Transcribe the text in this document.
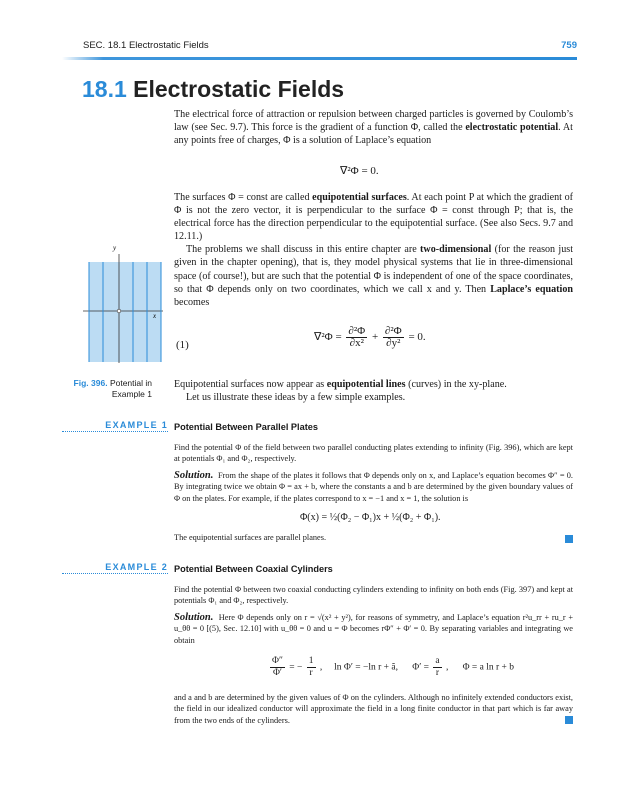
SEC. 18.1 Electrostatic Fields	759
18.1 Electrostatic Fields

The electrical force of attraction or repulsion between charged particles is governed by Coulomb’s law (see Sec. 9.7). This force is the gradient of a function Φ, called the electrostatic potential. At any points free of charges, Φ is a solution of Laplace’s equation

∇²Φ = 0.

The surfaces Φ = const are called equipotential surfaces. At each point P at which the gradient of Φ is not the zero vector, it is perpendicular to the surface Φ = const through P; that is, the electrical force has the direction perpendicular to the equipotential surface. (See also Secs. 9.7 and 12.11.)

The problems we shall discuss in this entire chapter are two-dimensional (for the reason just given in the chapter opening), that is, they model physical systems that lie in three-dimensional space (of course!), but are such that the potential Φ is independent of one of the space coordinates, so that Φ depends only on two coordinates, which we call x and y. Then Laplace’s equation becomes

(1)
$\nabla^2\Phi = \frac{\text{∂²Φ}}{\text{∂x²}} + \frac{\text{∂²Φ}}{\text{∂y²}} = 0$.
y
x
Fig. 396. Potential in Example 1

Equipotential surfaces now appear as equipotential lines (curves) in the xy-plane.

Let us illustrate these ideas by a few simple examples.

EXAMPLE 1 Potential Between Parallel Plates

Find the potential Φ of the field between two parallel conducting plates extending to infinity (Fig. 396), which are kept at potentials Φ₁ and Φ₂, respectively.

Solution. From the shape of the plates it follows that Φ depends only on x, and Laplace’s equation becomes Φ″ = 0. By integrating twice we obtain Φ = ax + b, where the constants a and b are determined by the given boundary values of Φ on the plates. For example, if the plates correspond to x = −1 and x = 1, the solution is

Φ(x) = ½(Φ₂ − Φ₁)x + ½(Φ₂ + Φ₁).
The equipotential surfaces are parallel planes.
EXAMPLE 2 Potential Between Coaxial Cylinders

Find the potential Φ between two coaxial conducting cylinders extending to infinity on both ends (Fig. 397) and kept at potentials Φ₁ and Φ₂, respectively.

Solution. Here Φ depends only on r = √(x² + y²), for reasons of symmetry, and Laplace’s equation r²u_rr + ru_r + u_θθ = 0 [(5), Sec. 12.10] with u_θθ = 0 and u = Φ becomes rΦ″ + Φ′ = 0. By separating variables and integrating we obtain

$\frac{\Phi''}{\Phi'}$ = − $\frac{1}{r}$ ,     ln Φ′ = −ln r + ã,      $\Phi' = \frac{a}{r}$ ,      Φ = a ln r + b
and a and b are determined by the given values of Φ on the cylinders. Although no infinitely extended conductors exist, the field in our idealized conductor will approximate the field in a long finite conductor in that part which is far away from the two ends of the cylinders.
